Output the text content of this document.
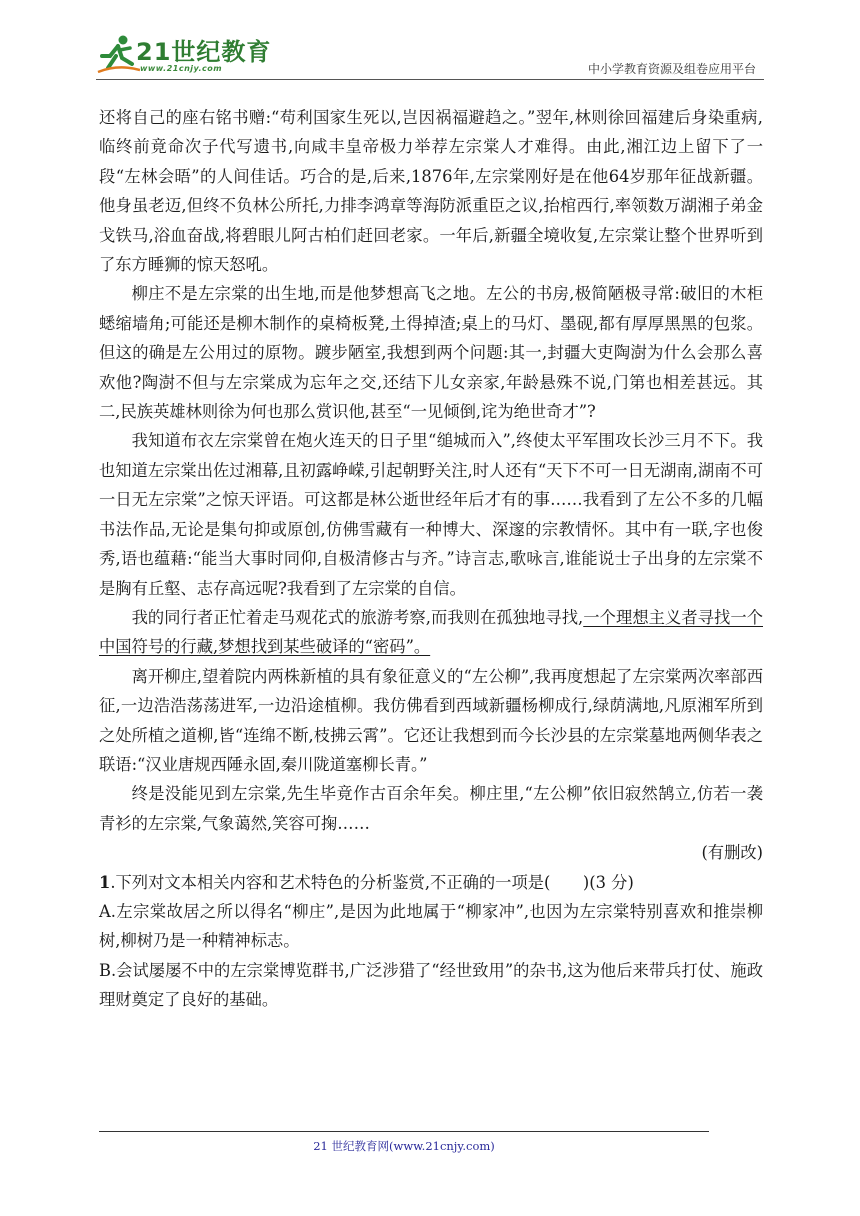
21世纪教育
www.21cnjy.com	中小学教育资源及组卷应用平台

还将自己的座右铭书赠:“苟利国家生死以,岂因祸福避趋之。”翌年,林则徐回福建后身染重病,临终前竟命次子代写遗书,向咸丰皇帝极力举荐左宗棠人才难得。由此,湘江边上留下了一段“左林会晤”的人间佳话。巧合的是,后来,1876年,左宗棠刚好是在他64岁那年征战新疆。他身虽老迈,但终不负林公所托,力排李鸿章等海防派重臣之议,抬棺西行,率领数万湖湘子弟金戈铁马,浴血奋战,将碧眼儿阿古柏们赶回老家。一年后,新疆全境收复,左宗棠让整个世界听到了东方睡狮的惊天怒吼。

柳庄不是左宗棠的出生地,而是他梦想高飞之地。左公的书房,极简陋极寻常:破旧的木柜蟋缩墙角;可能还是柳木制作的桌椅板凳,土得掉渣;桌上的马灯、墨砚,都有厚厚黑黑的包浆。但这的确是左公用过的原物。踱步陋室,我想到两个问题:其一,封疆大吏陶澍为什么会那么喜欢他?陶澍不但与左宗棠成为忘年之交,还结下儿女亲家,年龄悬殊不说,门第也相差甚远。其二,民族英雄林则徐为何也那么赏识他,甚至“一见倾倒,诧为绝世奇才”?

我知道布衣左宗棠曾在炮火连天的日子里“缒城而入”,终使太平军围攻长沙三月不下。我也知道左宗棠出佐过湘幕,且初露峥嵘,引起朝野关注,时人还有“天下不可一日无湖南,湖南不可一日无左宗棠”之惊天评语。可这都是林公逝世经年后才有的事……我看到了左公不多的几幅书法作品,无论是集句抑或原创,仿佛雪藏有一种博大、深邃的宗教情怀。其中有一联,字也俊秀,语也蕴藉:“能当大事时同仰,自极清修古与齐。”诗言志,歌咏言,谁能说士子出身的左宗棠不是胸有丘壑、志存高远呢?我看到了左宗棠的自信。

我的同行者正忙着走马观花式的旅游考察,而我则在孤独地寻找,一个理想主义者寻找一个中国符号的行藏,梦想找到某些破译的“密码”。

离开柳庄,望着院内两株新植的具有象征意义的“左公柳”,我再度想起了左宗棠两次率部西征,一边浩浩荡荡进军,一边沿途植柳。我仿佛看到西域新疆杨柳成行,绿荫满地,凡原湘军所到之处所植之道柳,皆“连绵不断,枝拂云霄”。它还让我想到而今长沙县的左宗棠墓地两侧华表之联语:“汉业唐规西陲永固,秦川陇道塞柳长青。”

终是没能见到左宗棠,先生毕竟作古百余年矣。柳庄里,“左公柳”依旧寂然鹄立,仿若一袭青衫的左宗棠,气象蔼然,笑容可掬……

(有删改)

1.下列对文本相关内容和艺术特色的分析鉴赏,不正确的一项是(　　)(3 分)

A.左宗棠故居之所以得名“柳庄”,是因为此地属于“柳家冲”,也因为左宗棠特别喜欢和推崇柳树,柳树乃是一种精神标志。

B.会试屡屡不中的左宗棠博览群书,广泛涉猎了“经世致用”的杂书,这为他后来带兵打仗、施政理财奠定了良好的基础。

21 世纪教育网(www.21cnjy.com)
